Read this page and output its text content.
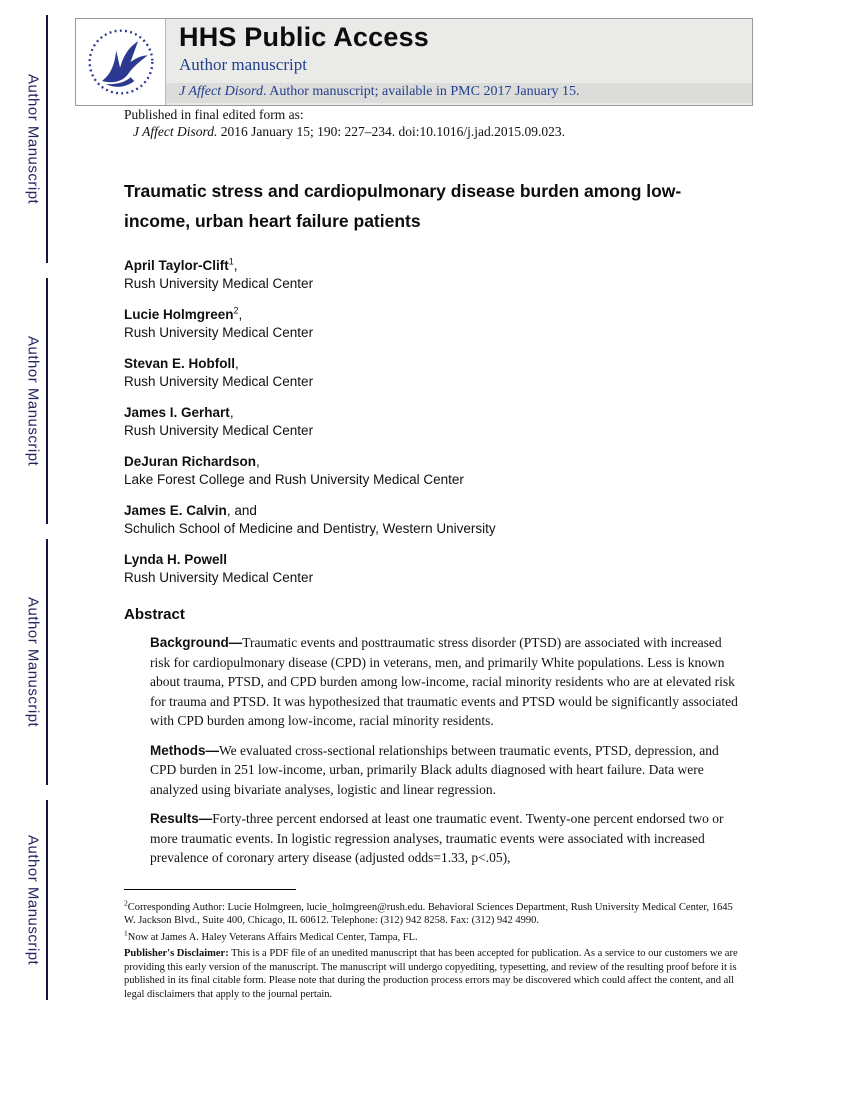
Author Manuscript
Author Manuscript
Author Manuscript
Author Manuscript
HHS Public Access
Author manuscript
J Affect Disord. Author manuscript; available in PMC 2017 January 15.

Published in final edited form as:

J Affect Disord. 2016 January 15; 190: 227–234. doi:10.1016/j.jad.2015.09.023.

Traumatic stress and cardiopulmonary disease burden among low-income, urban heart failure patients
April Taylor-Clift$^1$,
Rush University Medical Center
Lucie Holmgreen$^2$,
Rush University Medical Center
Stevan E. Hobfoll,
Rush University Medical Center
James I. Gerhart,
Rush University Medical Center
DeJuran Richardson,
Lake Forest College and Rush University Medical Center
James E. Calvin, and
Schulich School of Medicine and Dentistry, Western University
Lynda H. Powell
Rush University Medical Center
Abstract

Background—Traumatic events and posttraumatic stress disorder (PTSD) are associated with increased risk for cardiopulmonary disease (CPD) in veterans, men, and primarily White populations. Less is known about trauma, PTSD, and CPD burden among low-income, racial minority residents who are at elevated risk for trauma and PTSD. It was hypothesized that traumatic events and PTSD would be significantly associated with CPD burden among low-income, racial minority residents.

Methods—We evaluated cross-sectional relationships between traumatic events, PTSD, depression, and CPD burden in 251 low-income, urban, primarily Black adults diagnosed with heart failure. Data were analyzed using bivariate analyses, logistic and linear regression.

Results—Forty-three percent endorsed at least one traumatic event. Twenty-one percent endorsed two or more traumatic events. In logistic regression analyses, traumatic events were associated with increased prevalence of coronary artery disease (adjusted odds=1.33, p<.05),

$^2$Corresponding Author: Lucie Holmgreen, lucie_holmgreen@rush.edu. Behavioral Sciences Department, Rush University Medical Center, 1645 W. Jackson Blvd., Suite 400, Chicago, IL 60612. Telephone: (312) 942 8258. Fax: (312) 942 4990.

$^1$Now at James A. Haley Veterans Affairs Medical Center, Tampa, FL.

Publisher's Disclaimer: This is a PDF file of an unedited manuscript that has been accepted for publication. As a service to our customers we are providing this early version of the manuscript. The manuscript will undergo copyediting, typesetting, and review of the resulting proof before it is published in its final citable form. Please note that during the production process errors may be discovered which could affect the content, and all legal disclaimers that apply to the journal pertain.
